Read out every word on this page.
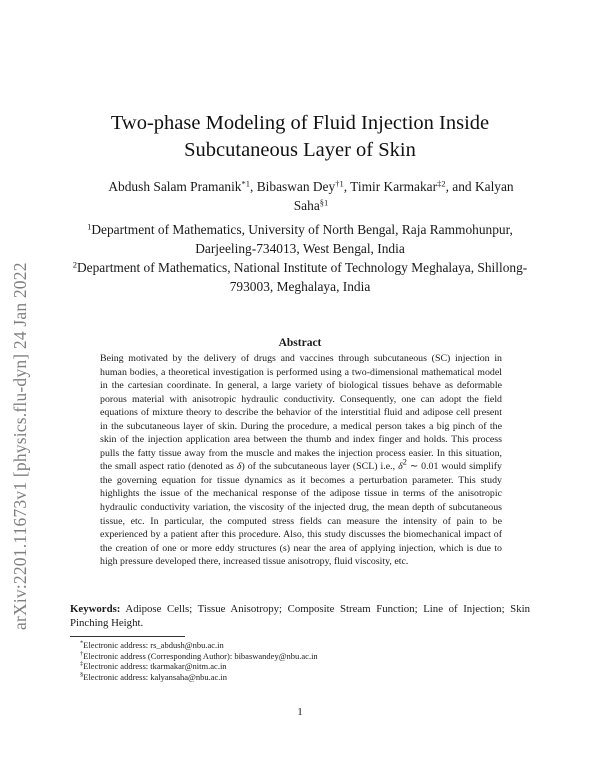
arXiv:2201.11673v1 [physics.flu-dyn] 24 Jan 2022
Two-phase Modeling of Fluid Injection Inside
Subcutaneous Layer of Skin
Abdush Salam Pramanik$^{*1}$, Bibaswan Dey$^{\dagger 1}$, Timir Karmakar$^{\ddagger 2}$, and Kalyan Saha$^{\S 1}$
$^1$Department of Mathematics, University of North Bengal, Raja Rammohunpur, Darjeeling-734013, West Bengal, India
$^2$Department of Mathematics, National Institute of Technology Meghalaya, Shillong-793003, Meghalaya, India
Abstract
Being motivated by the delivery of drugs and vaccines through subcutaneous (SC) injection in human bodies, a theoretical investigation is performed using a two-dimensional mathematical model in the cartesian coordinate. In general, a large variety of biological tissues behave as deformable porous material with anisotropic hydraulic conductivity. Consequently, one can adopt the field equations of mixture theory to describe the behavior of the interstitial fluid and adipose cell present in the subcutaneous layer of skin. During the procedure, a medical person takes a big pinch of the skin of the injection application area between the thumb and index finger and holds. This process pulls the fatty tissue away from the muscle and makes the injection process easier. In this situation, the small aspect ratio (denoted as δ) of the subcutaneous layer (SCL) i.e., $\delta^2$ ∼ 0.01 would simplify the governing equation for tissue dynamics as it becomes a perturbation parameter. This study highlights the issue of the mechanical response of the adipose tissue in terms of the anisotropic hydraulic conductivity variation, the viscosity of the injected drug, the mean depth of subcutaneous tissue, etc. In particular, the computed stress fields can measure the intensity of pain to be experienced by a patient after this procedure. Also, this study discusses the biomechanical impact of the creation of one or more eddy structures (s) near the area of applying injection, which is due to high pressure developed there, increased tissue anisotropy, fluid viscosity, etc.
Keywords: Adipose Cells; Tissue Anisotropy; Composite Stream Function; Line of Injection; Skin Pinching Height.
*Electronic address: rs_abdush@nbu.ac.in
†Electronic address (Corresponding Author): bibaswandey@nbu.ac.in
‡Electronic address: tkarmakar@nitm.ac.in
§Electronic address: kalyansaha@nbu.ac.in
1
